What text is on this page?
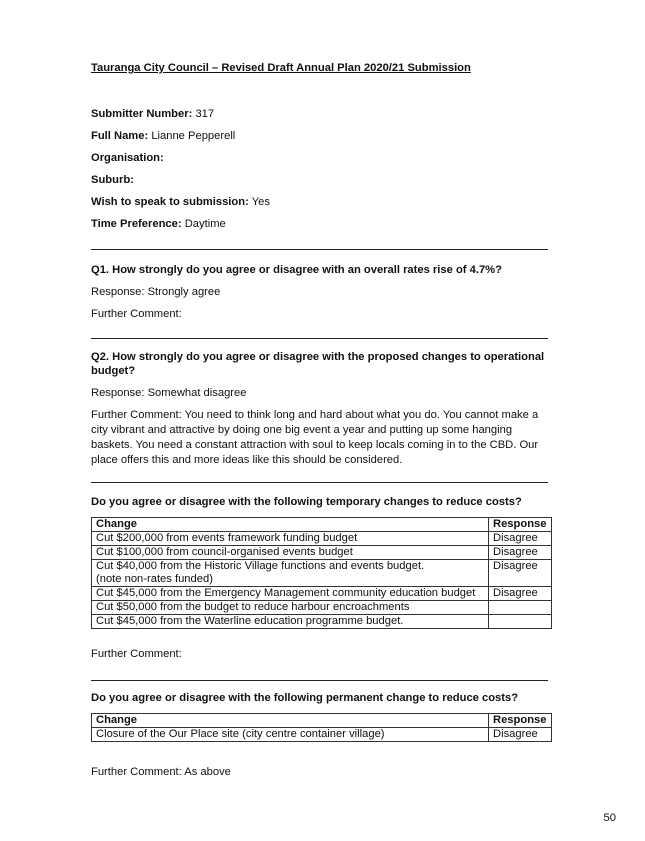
Tauranga City Council – Revised Draft Annual Plan 2020/21 Submission
Submitter Number: 317
Full Name: Lianne Pepperell
Organisation:
Suburb:
Wish to speak to submission: Yes
Time Preference: Daytime
Q1. How strongly do you agree or disagree with an overall rates rise of 4.7%?
Response: Strongly agree
Further Comment:
Q2. How strongly do you agree or disagree with the proposed changes to operational budget?
Response: Somewhat disagree
Further Comment: You need to think long and hard about what you do. You cannot make a city vibrant and attractive by doing one big event a year and putting up some hanging baskets. You need a constant attraction with soul to keep locals coming in to the CBD. Our place offers this and more ideas like this should be considered.
Do you agree or disagree with the following temporary changes to reduce costs?
Change	Response
Cut $200,000 from events framework funding budget	Disagree
Cut $100,000 from council-organised events budget	Disagree

Cut $40,000 from the Historic Village functions and events budget.
(note non-rates funded)	Disagree
Cut $45,000 from the Emergency Management community education budget	Disagree
Cut $50,000 from the budget to reduce harbour encroachments	
Cut $45,000 from the Waterline education programme budget.	
Further Comment:
Do you agree or disagree with the following permanent change to reduce costs?
Change	Response
Closure of the Our Place site (city centre container village)	Disagree
Further Comment: As above
50
